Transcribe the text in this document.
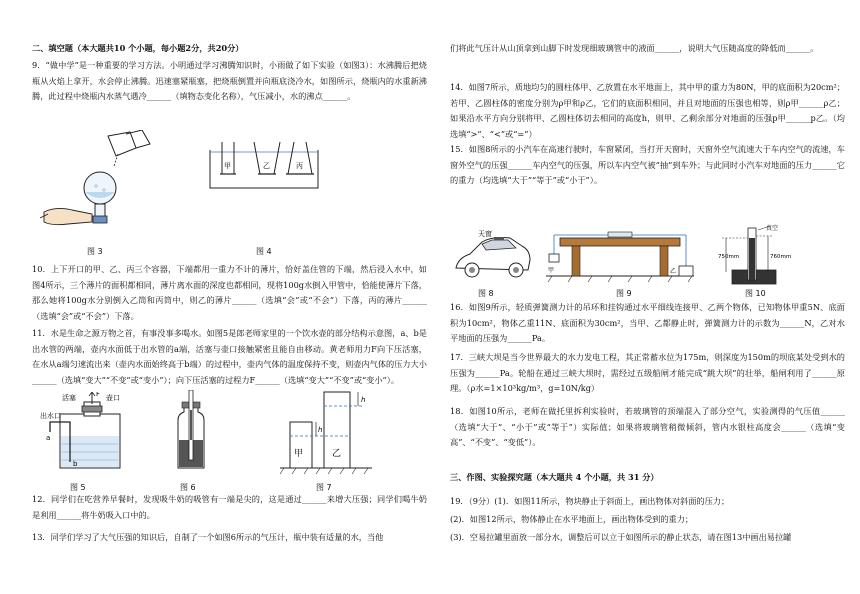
二、填空题（本大题共10 个小题，每小题2分，共20分）

9．“做中学”是一种重要的学习方法。小明通过学习沸腾知识时，小雨做了如下实验（如图3）：水沸腾后把烧瓶从火焰上拿开，水会停止沸腾。迅速塞紧瓶塞，把烧瓶倒置并向瓶底浇冷水，如图所示，烧瓶内的水重新沸腾，此过程中烧瓶内水蒸气遇冷______（填物态变化名称），气压减小，水的沸点______。

10．上下开口的甲、乙、丙三个容器，下端都用一重力不计的薄片，恰好盖住管的下端，然后浸入水中，如图4所示，三个薄片的面积都相同，薄片离水面的深度也都相同，现将100g水倒入甲管中，恰能使薄片下落，那么她将100g水分别倒入乙筒和丙筒中，则乙的薄片______（选填“会”或“不会”）下落，丙的薄片______（选填“会”或“不会”）下落。

11．水是生命之源万物之首，有事没事多喝水。如图5是郎老师家里的一个饮水壶的部分结构示意图，a、b是出水管的两端，壶内水面低于出水管的a端，活塞与壶口接触紧密且能自由移动。黄老师用力F向下压活塞，在水从a端匀速流出来（壶内水面始终高于b端）的过程中，壶内气体的温度保持不变，则壶内气体的压力大小______（选填“变大”“不变”或“变小”）；向下压活塞的过程力F______（选填“变大”“不变”或“变小”）。

12．同学们在吃营养早餐时，发现吸牛奶的吸管有一端是尖的，这是通过______来增大压强；同学们喝牛奶是利用______将牛奶吸入口中的。

13．同学们学习了大气压强的知识后，自制了一个如图6所示的气压计，瓶中装有适量的水，当他

图 3
甲	乙	丙
图 4
F
活塞	壶口
出水口
a
b
图 5	图 6
甲	乙
h
h
图 7

们将此气压计从山顶拿到山脚下时发现细玻璃管中的液面______，说明大气压随高度的降低而______。

14．如图7所示，质地均匀的圆柱体甲、乙放置在水平地面上，其中甲的重力为80N，甲的底面积为20cm²；若甲、乙圆柱体的密度分别为ρ甲和ρ乙，它们的底面积相同，并且对地面的压强也相等，则ρ甲______ρ乙；如果沿水平方向分别将甲、乙圆柱体切去相同的高度h，则甲、乙剩余部分对地面的压强p甲______p乙。（均选填“>”、“<”或“=”）

15．如图8所示的小汽车在高速行驶时，车窗紧闭，当打开天窗时，天窗外空气流速大于车内空气的流速，车窗外空气的压强______车内空气的压强，所以车内空气被“抽”到车外；与此同时小汽车对地面的压力______它的重力（均选填“大于”“等于”或“小于”）。

16．如图9所示，轻质弹簧测力计的吊环和挂钩通过水平细线连接甲、乙两个物体，已知物体甲重5N、底面积为10cm²，物体乙重11N、底面积为30cm²，当甲、乙都静止时，弹簧测力计的示数为______N，乙对水平地面的压强为______Pa。

17．三峡大坝是当今世界最大的水力发电工程，其正常蓄水位为175m，则深度为150m的坝底某处受到水的压强为______Pa。轮船在通过三峡大坝时，需经过五级船闸才能完成“跳大坝”的壮举，船闸利用了______原理。（ρ水=1×10³kg/m³，g=10N/kg）

18．如图10所示，老师在做托里拆利实验时，若玻璃管的顶端混入了部分空气，实验测得的气压值______（选填“大于”、“小于”或“等于”）实际值；如果将玻璃管稍微倾斜，管内水银柱高度会______（选填“变高”、“不变”、“变低”）。

三、作图、实验探究题（本大题共 4 个小题，共 31 分）

19．（9分）(1)．如图11所示，物块静止于斜面上，画出物体对斜面的压力；

(2)．如图12所示，物体静止在水平地面上，画出物体受到的重力；

(3)．空易拉罐里面放一部分水，调整后可以立于如图所示的静止状态，请在图13中画出易拉罐

天窗
图 8
甲	乙
图 9
真空
750mm	760mm
图 10
